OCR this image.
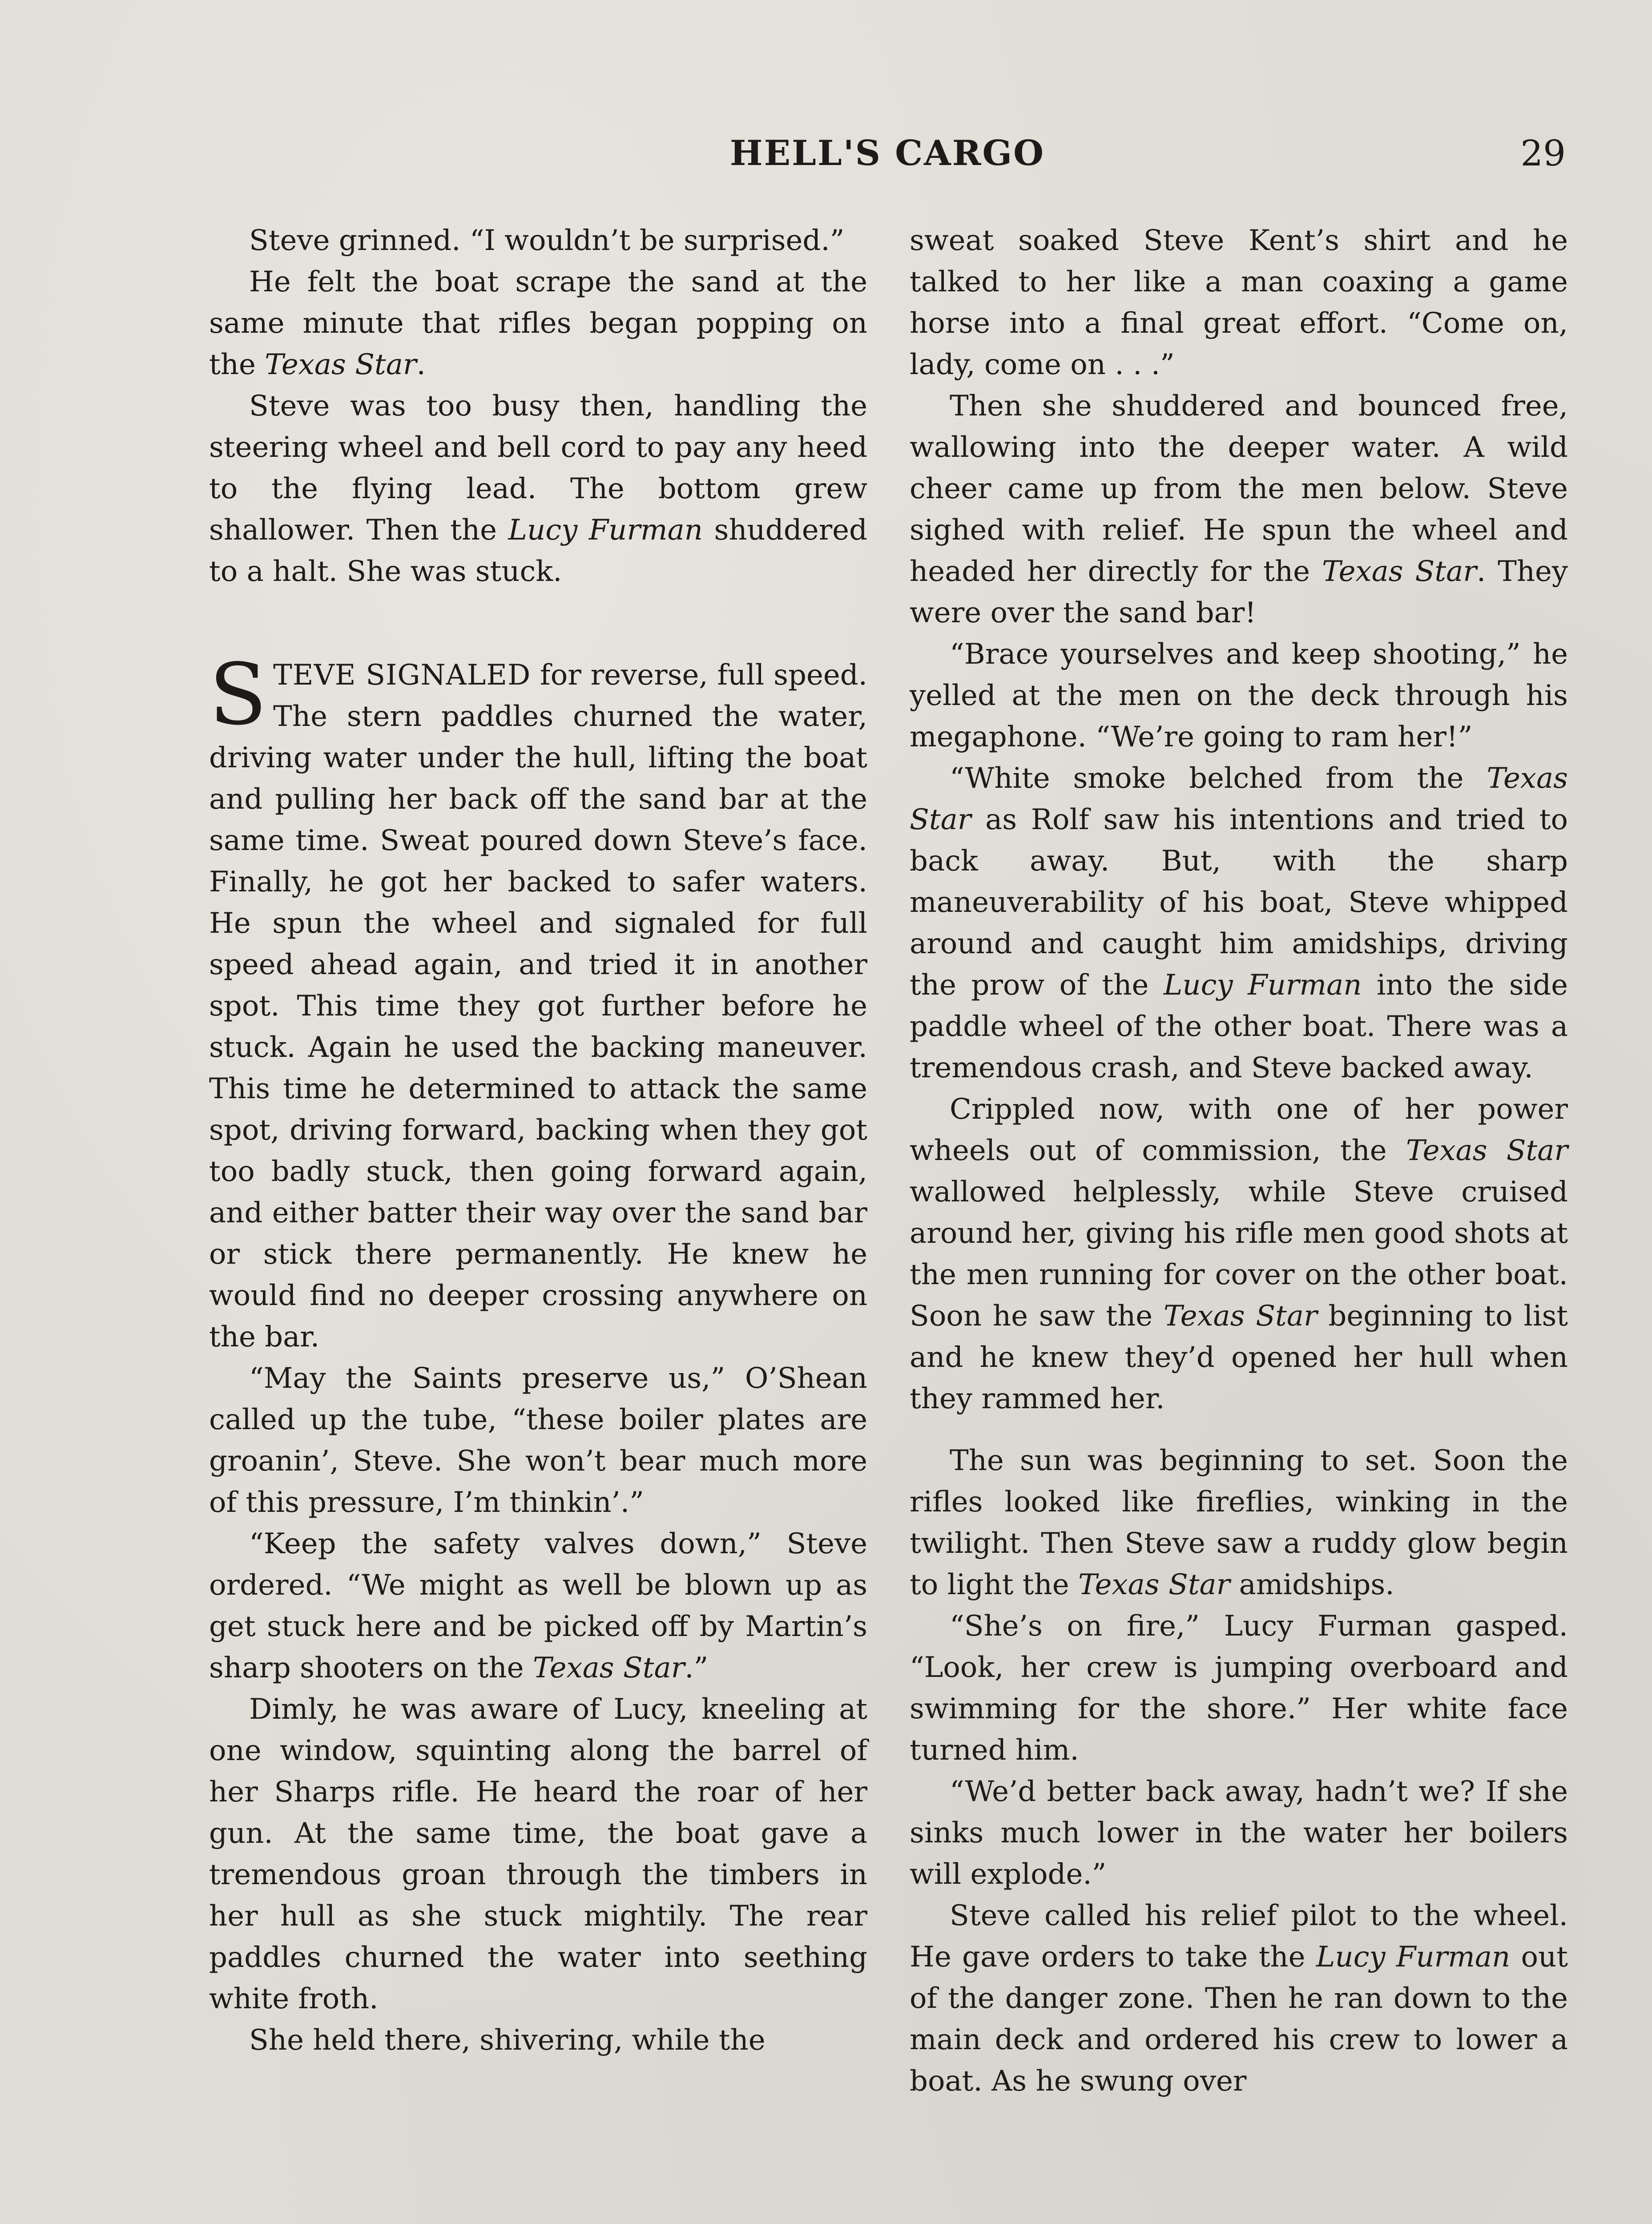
HELL'S CARGO	29

Steve grinned. “I wouldn’t be surprised.”

He felt the boat scrape the sand at the same minute that rifles began popping on the Texas Star.

Steve was too busy then, handling the steering wheel and bell cord to pay any heed to the flying lead. The bottom grew shallower. Then the Lucy Furman shuddered to a halt. She was stuck.

STEVE SIGNALED for reverse, full speed. The stern paddles churned the water, driving water under the hull, lifting the boat and pulling her back off the sand bar at the same time. Sweat poured down Steve’s face. Finally, he got her backed to safer waters. He spun the wheel and signaled for full speed ahead again, and tried it in another spot. This time they got further before he stuck. Again he used the backing maneuver. This time he determined to attack the same spot, driving forward, backing when they got too badly stuck, then going forward again, and either batter their way over the sand bar or stick there permanently. He knew he would find no deeper crossing anywhere on the bar.

“May the Saints preserve us,” O’Shean called up the tube, “these boiler plates are groanin’, Steve. She won’t bear much more of this pressure, I’m thinkin’.”

“Keep the safety valves down,” Steve ordered. “We might as well be blown up as get stuck here and be picked off by Martin’s sharp shooters on the Texas Star.”

Dimly, he was aware of Lucy, kneeling at one window, squinting along the barrel of her Sharps rifle. He heard the roar of her gun. At the same time, the boat gave a tremendous groan through the timbers in her hull as she stuck mightily. The rear paddles churned the water into seething white froth.

She held there, shivering, while the

sweat soaked Steve Kent’s shirt and he talked to her like a man coaxing a game horse into a final great effort. “Come on, lady, come on . . .”

Then she shuddered and bounced free, wallowing into the deeper water. A wild cheer came up from the men below. Steve sighed with relief. He spun the wheel and headed her directly for the Texas Star. They were over the sand bar!

“Brace yourselves and keep shooting,” he yelled at the men on the deck through his megaphone. “We’re going to ram her!”

“White smoke belched from the Texas Star as Rolf saw his intentions and tried to back away. But, with the sharp maneuverability of his boat, Steve whipped around and caught him amidships, driving the prow of the Lucy Furman into the side paddle wheel of the other boat. There was a tremendous crash, and Steve backed away.

Crippled now, with one of her power wheels out of commission, the Texas Star wallowed helplessly, while Steve cruised around her, giving his rifle men good shots at the men running for cover on the other boat. Soon he saw the Texas Star beginning to list and he knew they’d opened her hull when they rammed her.

The sun was beginning to set. Soon the rifles looked like fireflies, winking in the twilight. Then Steve saw a ruddy glow begin to light the Texas Star amidships.

“She’s on fire,” Lucy Furman gasped. “Look, her crew is jumping overboard and swimming for the shore.” Her white face turned him.

“We’d better back away, hadn’t we? If she sinks much lower in the water her boilers will explode.”

Steve called his relief pilot to the wheel. He gave orders to take the Lucy Furman out of the danger zone. Then he ran down to the main deck and ordered his crew to lower a boat. As he swung over
